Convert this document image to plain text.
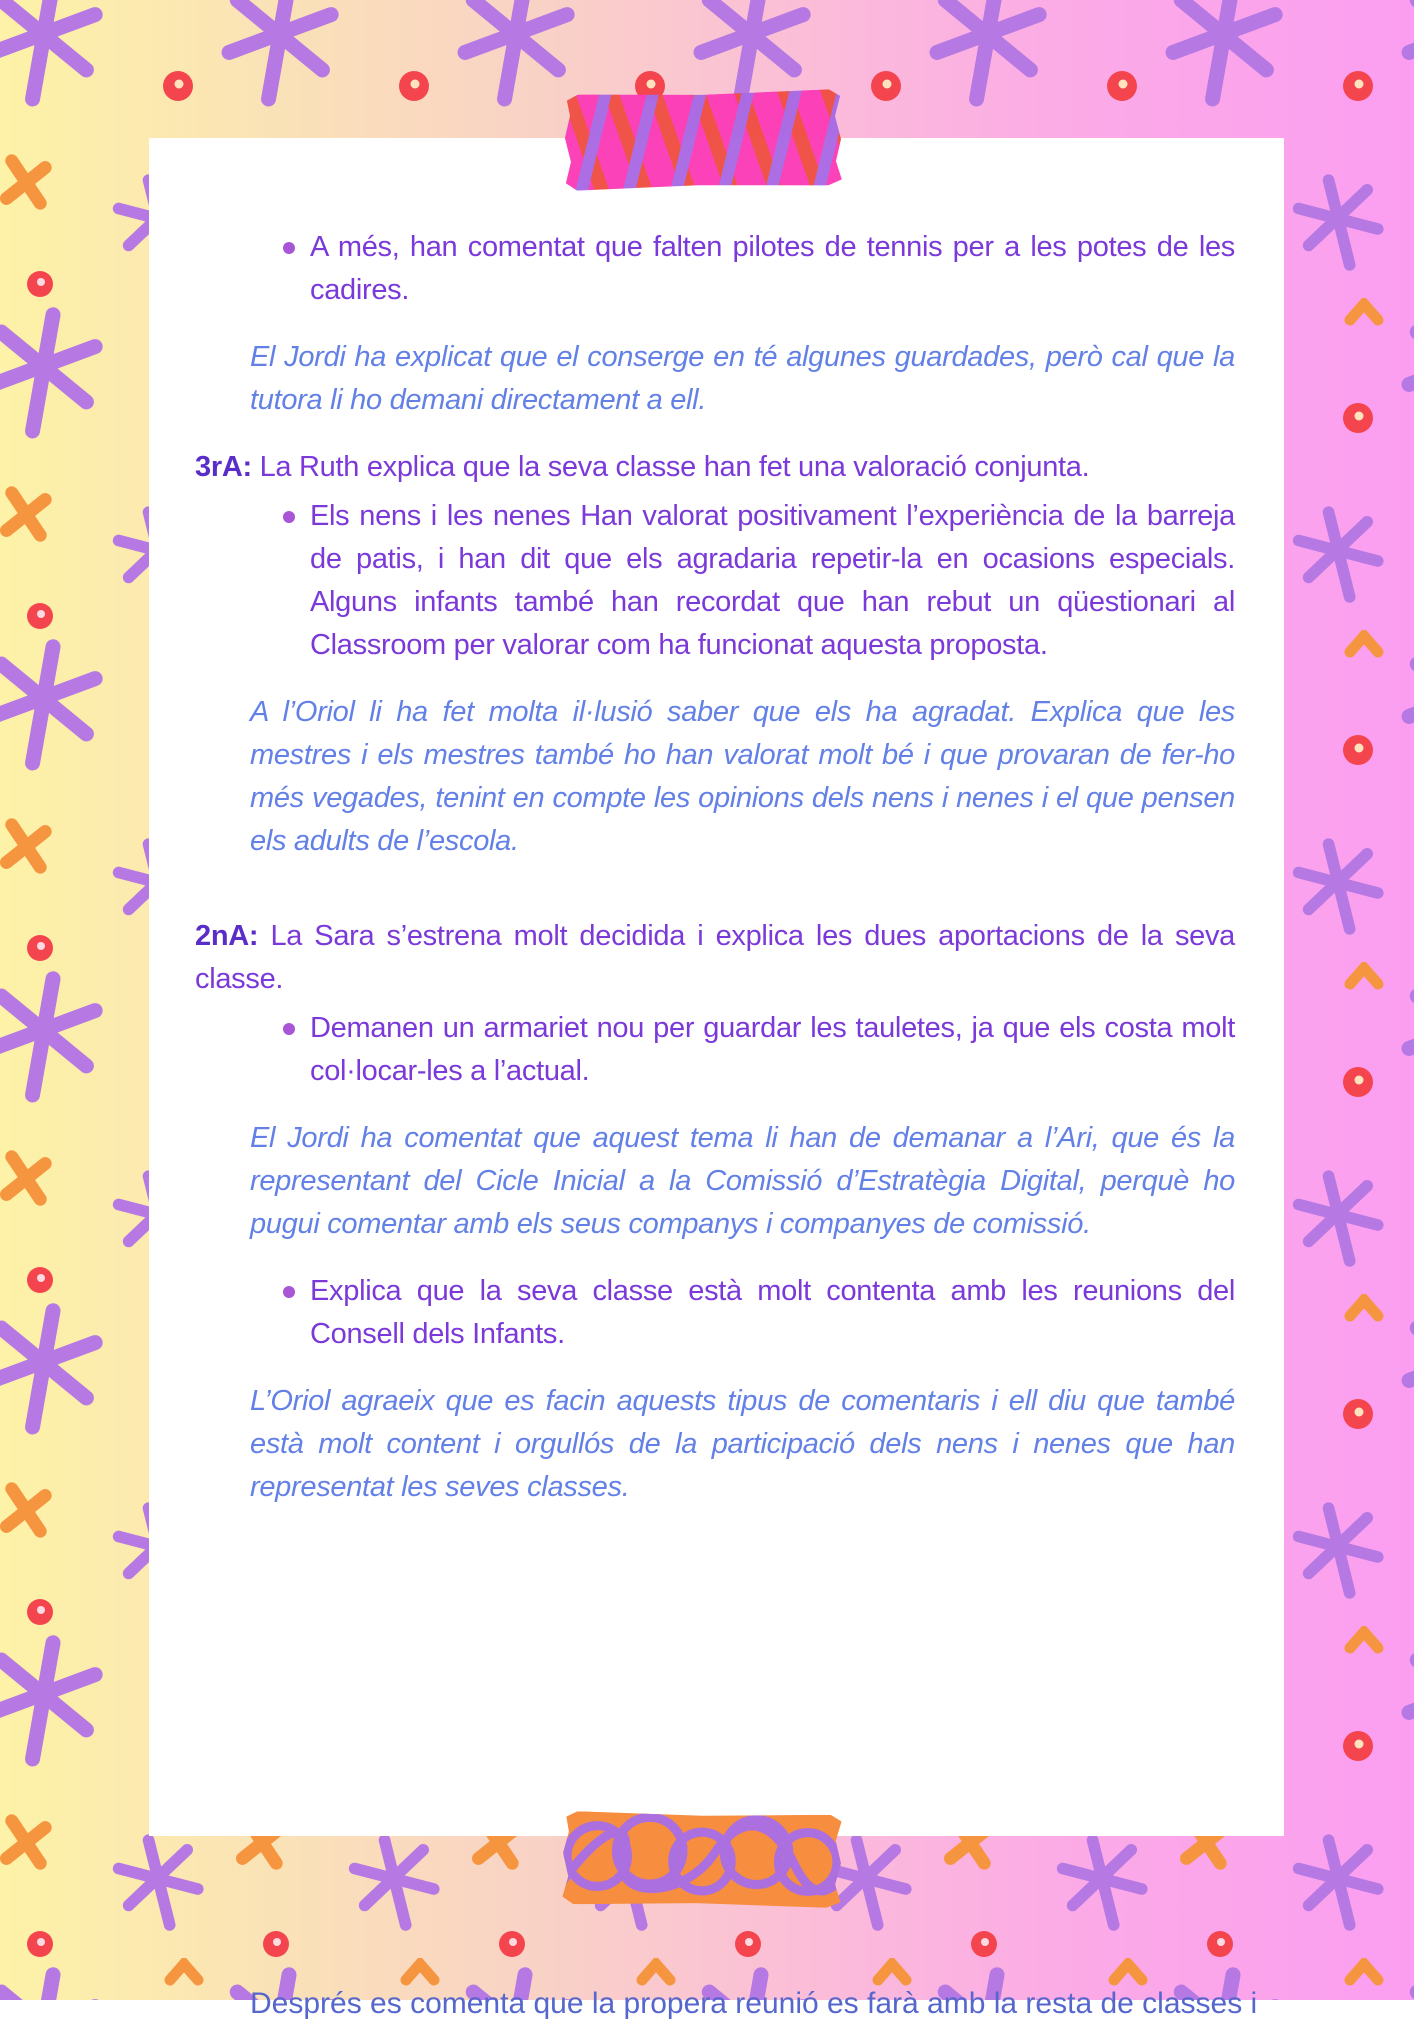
A més, han comentat que falten pilotes de tennis per a les potes de les cadires.

El Jordi ha explicat que el conserge en té algunes guardades, però cal que la tutora li ho demani directament a ell.

3rA: La Ruth explica que la seva classe han fet una valoració conjunta.

Els nens i les nenes Han valorat positivament l’experiència de la barreja de patis, i han dit que els agradaria repetir-la en ocasions especials. Alguns infants també han recordat que han rebut un qüestionari al Classroom per valorar com ha funcionat aquesta proposta.

A l’Oriol li ha fet molta il·lusió saber que els ha agradat. Explica que les mestres i els mestres també ho han valorat molt bé i que provaran de fer-ho més vegades, tenint en compte les opinions dels nens i nenes i el que pensen els adults de l’escola.

2nA: La Sara s’estrena molt decidida i explica les dues aportacions de la seva classe.

Demanen un armariet nou per guardar les tauletes, ja que els costa molt col·locar-les a l’actual.

El Jordi ha comentat que aquest tema li han de demanar a l’Ari, que és la representant del Cicle Inicial a la Comissió d’Estratègia Digital, perquè ho pugui comentar amb els seus companys i companyes de comissió.

Explica que la seva classe està molt contenta amb les reunions del Consell dels Infants.

L’Oriol agraeix que es facin aquests tipus de comentaris i ell diu que també està molt content i orgullós de la participació dels nens i nenes que han representat les seves classes.

Després es comenta que la propera reunió es farà amb la resta de classes i
